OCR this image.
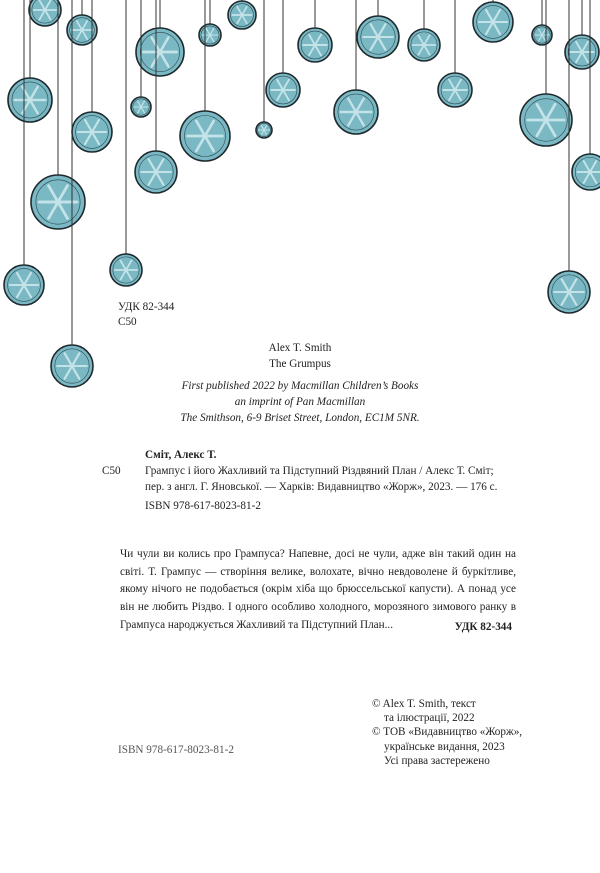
УДК 82-344
С50
Alex T. Smith
The Grumpus
First published 2022 by Macmillan Children’s Books
an imprint of Pan Macmillan
The Smithson, 6-9 Briset Street, London, EC1M 5NR.
С50
Сміт, Алекс Т.
Грампус і його Жахливий та Підступний Різдвяний План / Алекс Т. Сміт;
пер. з англ. Г. Яновської. — Харків: Видавництво «Жорж», 2023. — 176 с.
ISBN 978-617-8023-81-2

Чи чули ви колись про Грампуса? Напевне, досі не чули, адже він такий один на світі. Т. Грампус — створіння велике, волохате, вічно невдоволене й буркітливе, якому нічого не подобається (окрім хіба що брюссельської капусти). А понад усе він не любить Різдво. І одного особливо холодного, морозяного зимового ранку в Грампуса народжується Жахливий та Підступний План...	УДК 82-344
© Alex T. Smith, текст
та ілюстрації, 2022
© ТОВ «Видавництво «Жорж»,
українське видання, 2023
Усі права застережено
ISBN 978-617-8023-81-2
